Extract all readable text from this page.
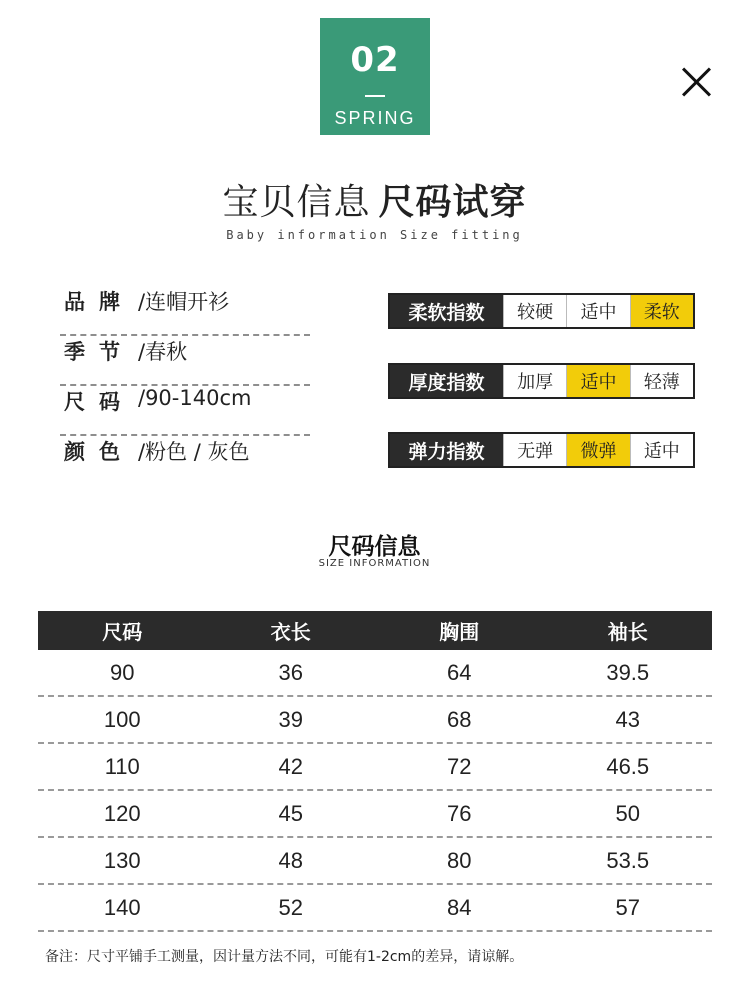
02
SPRING
宝贝信息 尺码试穿
Baby information Size fitting
品牌 /连帽开衫
季节 /春秋
尺码 /90-140cm
颜色 /粉色 / 灰色
柔软指数	较硬	适中	柔软
厚度指数	加厚	适中	轻薄
弹力指数	无弹	微弹	适中
尺码信息
SIZE INFORMATION
尺码	衣长	胸围	袖长
90	36	64	39.5
100	39	68	43
110	42	72	46.5
120	45	76	50
130	48	80	53.5
140	52	84	57
备注：尺寸平铺手工测量，因计量方法不同，可能有1-2cm的差异，请谅解。
